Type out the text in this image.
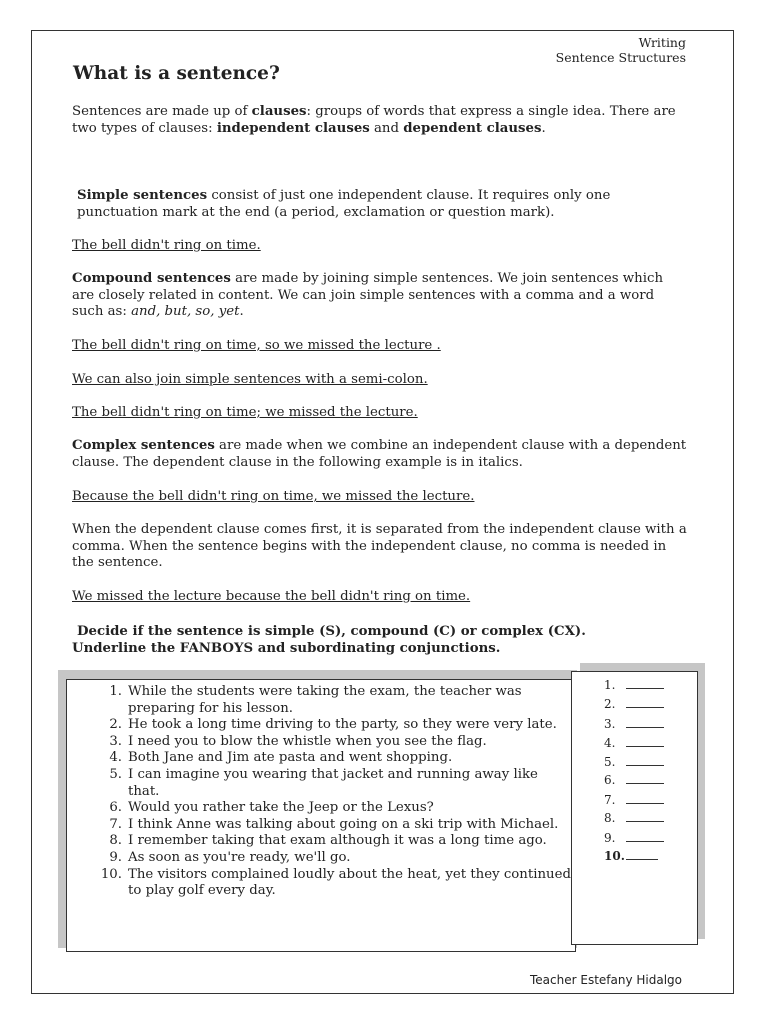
Writing
Sentence Structures
What is a sentence?
Sentences are made up of clauses: groups of words that express a single idea. There are two types of clauses: independent clauses and dependent clauses.
Simple sentences consist of just one independent clause. It requires only one punctuation mark at the end (a period, exclamation or question mark).
The bell didn't ring on time.
Compound sentences are made by joining simple sentences. We join sentences which are closely related in content. We can join simple sentences with a comma and a word such as: and, but, so, yet.
The bell didn't ring on time, so we missed the lecture .
We can also join simple sentences with a semi-colon.
The bell didn't ring on time; we missed the lecture.
Complex sentences are made when we combine an independent clause with a dependent clause. The dependent clause in the following example is in italics.
Because the bell didn't ring on time, we missed the lecture.
When the dependent clause comes first, it is separated from the independent clause with a comma. When the sentence begins with the independent clause, no comma is needed in the sentence.
We missed the lecture because the bell didn't ring on time.
Decide if the sentence is simple (S), compound (C) or complex (CX).
Underline the FANBOYS and subordinating conjunctions.
1. While the students were taking the exam, the teacher was preparing for his lesson.
2. He took a long time driving to the party, so they were very late.
3. I need you to blow the whistle when you see the flag.
4. Both Jane and Jim ate pasta and went shopping.
5. I can imagine you wearing that jacket and running away like that.
6. Would you rather take the Jeep or the Lexus?
7. I think Anne was talking about going on a ski trip with Michael.
8. I remember taking that exam although it was a long time ago.
9. As soon as you're ready, we'll go.
10. The visitors complained loudly about the heat, yet they continued to play golf every day.
1.
2.
3.
4.
5.
6.
7.
8.
9.
10.
Teacher Estefany Hidalgo
